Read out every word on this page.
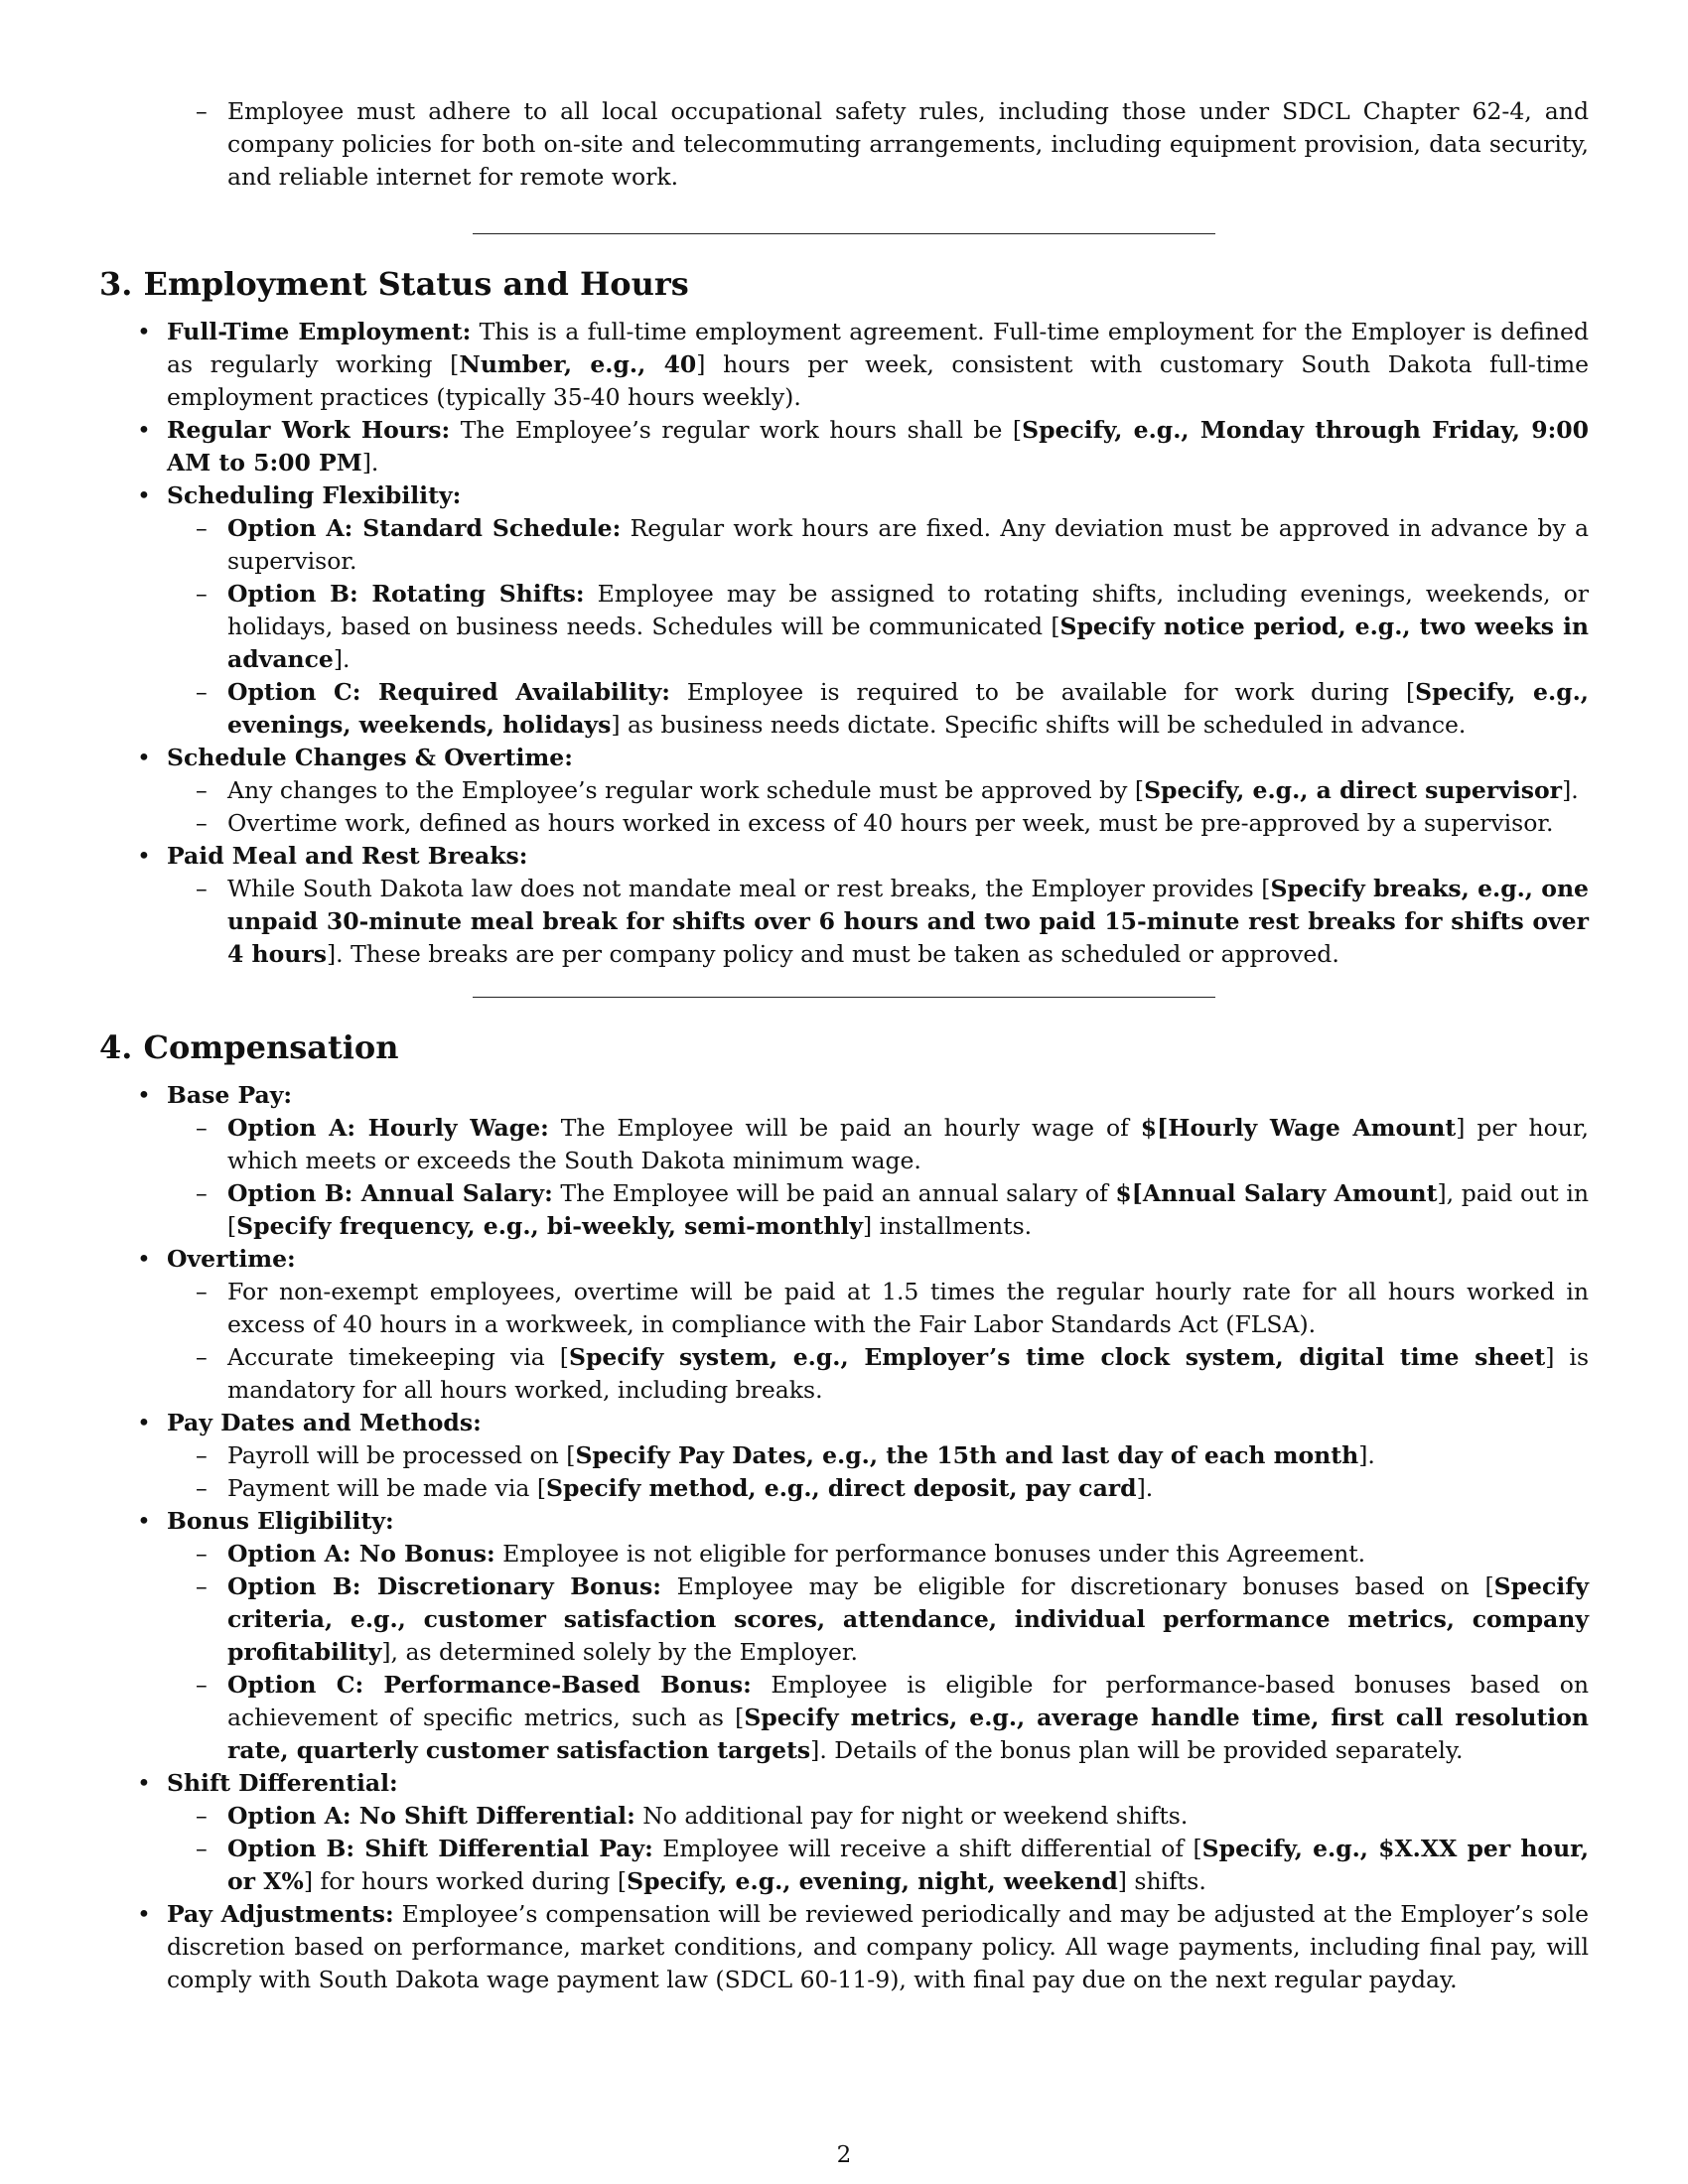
– Employee must adhere to all local occupational safety rules, including those under SDCL Chapter 62-4, and company policies for both on-site and telecommuting arrangements, including equipment provision, data security, and reliable internet for remote work.
3. Employment Status and Hours
• Full-Time Employment: This is a full-time employment agreement. Full-time employment for the Employer is defined as regularly working [Number, e.g., 40] hours per week, consistent with customary South Dakota full-time employment practices (typically 35-40 hours weekly).
• Regular Work Hours: The Employee’s regular work hours shall be [Specify, e.g., Monday through Friday, 9:00 AM to 5:00 PM].
• Scheduling Flexibility:
– Option A: Standard Schedule: Regular work hours are fixed. Any deviation must be approved in advance by a supervisor.
– Option B: Rotating Shifts: Employee may be assigned to rotating shifts, including evenings, weekends, or holidays, based on business needs. Schedules will be communicated [Specify notice period, e.g., two weeks in advance].
– Option C: Required Availability: Employee is required to be available for work during [Specify, e.g., evenings, weekends, holidays] as business needs dictate. Specific shifts will be scheduled in advance.
• Schedule Changes & Overtime:
– Any changes to the Employee’s regular work schedule must be approved by [Specify, e.g., a direct supervisor].
– Overtime work, defined as hours worked in excess of 40 hours per week, must be pre-approved by a supervisor.
• Paid Meal and Rest Breaks:
– While South Dakota law does not mandate meal or rest breaks, the Employer provides [Specify breaks, e.g., one unpaid 30-minute meal break for shifts over 6 hours and two paid 15-minute rest breaks for shifts over 4 hours]. These breaks are per company policy and must be taken as scheduled or approved.
4. Compensation
• Base Pay:
– Option A: Hourly Wage: The Employee will be paid an hourly wage of $[Hourly Wage Amount] per hour, which meets or exceeds the South Dakota minimum wage.
– Option B: Annual Salary: The Employee will be paid an annual salary of $[Annual Salary Amount], paid out in [Specify frequency, e.g., bi-weekly, semi-monthly] installments.
• Overtime:
– For non-exempt employees, overtime will be paid at 1.5 times the regular hourly rate for all hours worked in excess of 40 hours in a workweek, in compliance with the Fair Labor Standards Act (FLSA).
– Accurate timekeeping via [Specify system, e.g., Employer’s time clock system, digital time sheet] is mandatory for all hours worked, including breaks.
• Pay Dates and Methods:
– Payroll will be processed on [Specify Pay Dates, e.g., the 15th and last day of each month].
– Payment will be made via [Specify method, e.g., direct deposit, pay card].
• Bonus Eligibility:
– Option A: No Bonus: Employee is not eligible for performance bonuses under this Agreement.
– Option B: Discretionary Bonus: Employee may be eligible for discretionary bonuses based on [Specify criteria, e.g., customer satisfaction scores, attendance, individual performance metrics, company profitability], as determined solely by the Employer.
– Option C: Performance-Based Bonus: Employee is eligible for performance-based bonuses based on achievement of specific metrics, such as [Specify metrics, e.g., average handle time, first call resolution rate, quarterly customer satisfaction targets]. Details of the bonus plan will be provided separately.
• Shift Differential:
– Option A: No Shift Differential: No additional pay for night or weekend shifts.
– Option B: Shift Differential Pay: Employee will receive a shift differential of [Specify, e.g., $X.XX per hour, or X%] for hours worked during [Specify, e.g., evening, night, weekend] shifts.
• Pay Adjustments: Employee’s compensation will be reviewed periodically and may be adjusted at the Employer’s sole discretion based on performance, market conditions, and company policy. All wage payments, including final pay, will comply with South Dakota wage payment law (SDCL 60-11-9), with final pay due on the next regular payday.
2
